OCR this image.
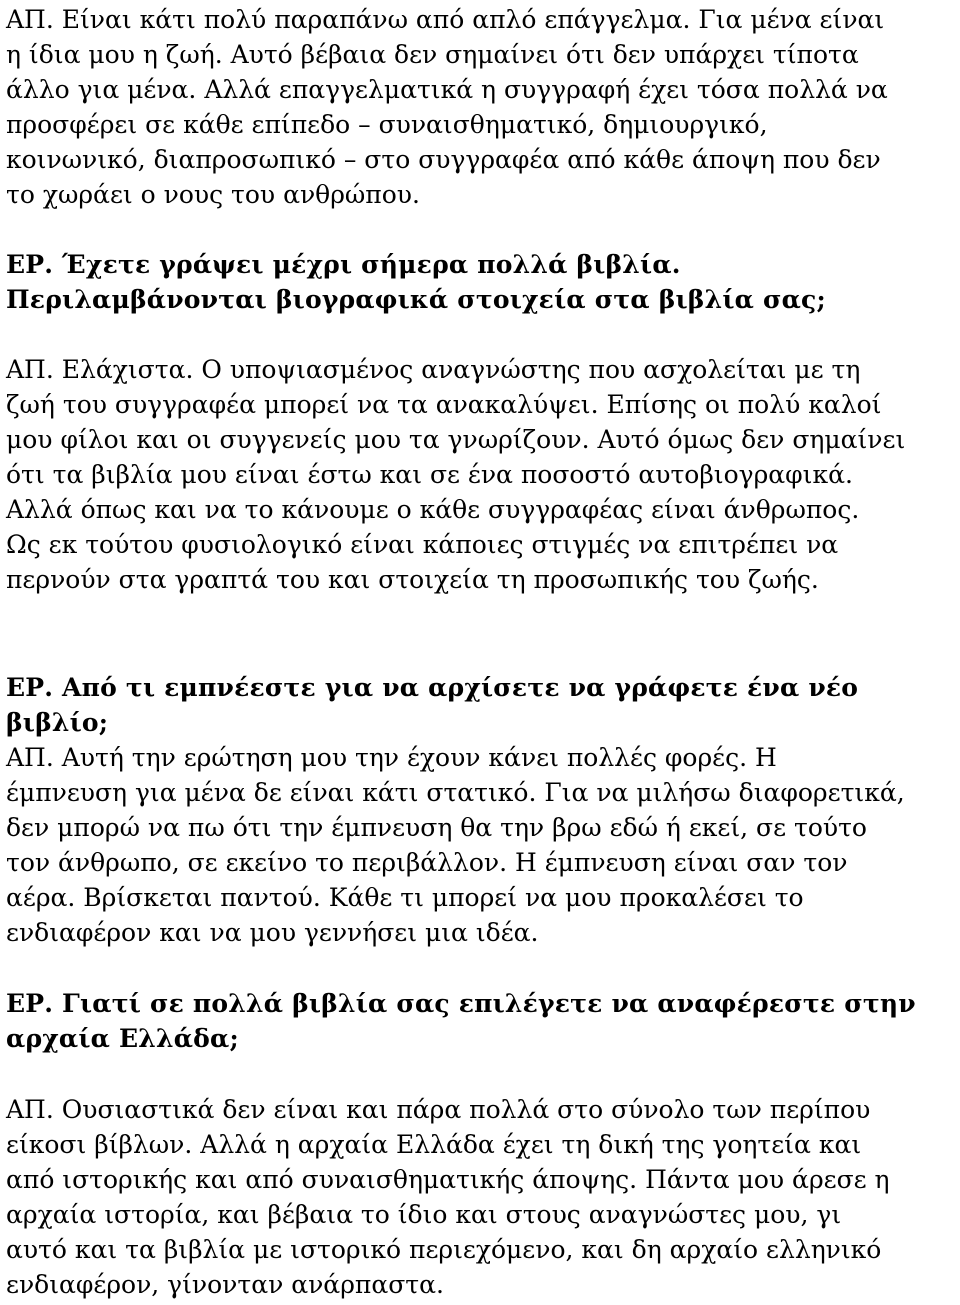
ΑΠ. Είναι κάτι πολύ παραπάνω από απλό επάγγελμα. Για μένα είναι
η ίδια μου η ζωή. Αυτό βέβαια δεν σημαίνει ότι δεν υπάρχει τίποτα
άλλο για μένα. Αλλά επαγγελματικά η συγγραφή έχει τόσα πολλά να
προσφέρει σε κάθε επίπεδο – συναισθηματικό, δημιουργικό,
κοινωνικό, διαπροσωπικό – στο συγγραφέα από κάθε άποψη που δεν
το χωράει ο νους του ανθρώπου.
ΕΡ. Έχετε γράψει μέχρι σήμερα πολλά βιβλία.
Περιλαμβάνονται βιογραφικά στοιχεία στα βιβλία σας;
ΑΠ. Ελάχιστα. Ο υποψιασμένος αναγνώστης που ασχολείται με τη
ζωή του συγγραφέα μπορεί να τα ανακαλύψει. Επίσης οι πολύ καλοί
μου φίλοι και οι συγγενείς μου τα γνωρίζουν. Αυτό όμως δεν σημαίνει
ότι τα βιβλία μου είναι έστω και σε ένα ποσοστό αυτοβιογραφικά.
Αλλά όπως και να το κάνουμε ο κάθε συγγραφέας είναι άνθρωπος.
Ως εκ τούτου φυσιολογικό είναι κάποιες στιγμές να επιτρέπει να
περνούν στα γραπτά του και στοιχεία τη προσωπικής του ζωής.
ΕΡ. Από τι εμπνέεστε για να αρχίσετε να γράφετε ένα νέο
βιβλίο;
ΑΠ. Αυτή την ερώτηση μου την έχουν κάνει πολλές φορές. Η
έμπνευση για μένα δε είναι κάτι στατικό. Για να μιλήσω διαφορετικά,
δεν μπορώ να πω ότι την έμπνευση θα την βρω εδώ ή εκεί, σε τούτο
τον άνθρωπο, σε εκείνο το περιβάλλον. Η έμπνευση είναι σαν τον
αέρα. Βρίσκεται παντού. Κάθε τι μπορεί να μου προκαλέσει το
ενδιαφέρον και να μου γεννήσει μια ιδέα.
ΕΡ. Γιατί σε πολλά βιβλία σας επιλέγετε να αναφέρεστε στην
αρχαία Ελλάδα;
ΑΠ. Ουσιαστικά δεν είναι και πάρα πολλά στο σύνολο των περίπου
είκοσι βίβλων. Αλλά η αρχαία Ελλάδα έχει τη δική της γοητεία και
από ιστορικής και από συναισθηματικής άποψης. Πάντα μου άρεσε η
αρχαία ιστορία, και βέβαια το ίδιο και στους αναγνώστες μου, γι
αυτό και τα βιβλία με ιστορικό περιεχόμενο, και δη αρχαίο ελληνικό
ενδιαφέρον, γίνονταν ανάρπαστα.
